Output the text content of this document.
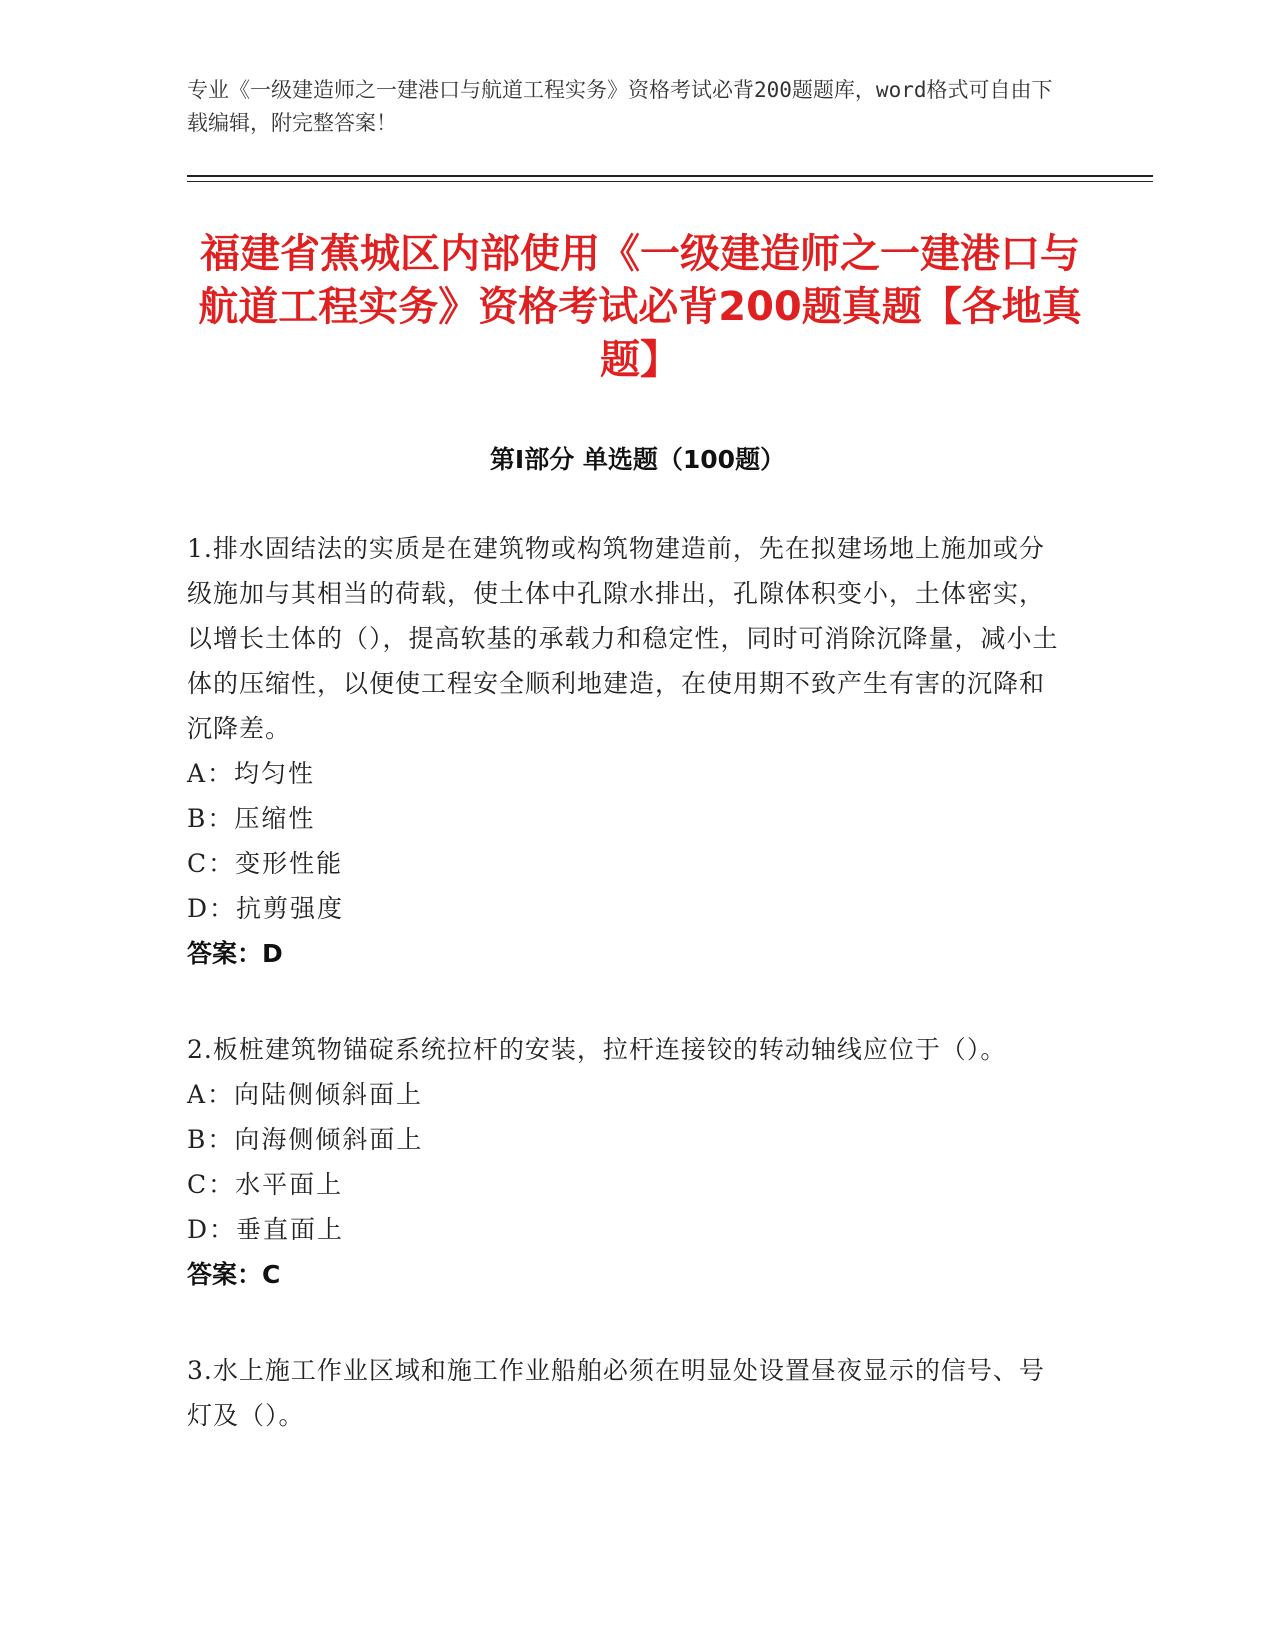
专业《一级建造师之一建港口与航道工程实务》资格考试必背200题题库，word格式可自由下载编辑，附完整答案！
福建省蕉城区内部使用《一级建造师之一建港口与航道工程实务》资格考试必背200题真题【各地真题】
第Ⅰ部分 单选题（100题）
1.排水固结法的实质是在建筑物或构筑物建造前，先在拟建场地上施加或分级施加与其相当的荷载，使土体中孔隙水排出，孔隙体积变小，土体密实，以增长土体的（），提高软基的承载力和稳定性，同时可消除沉降量，减小土体的压缩性，以便使工程安全顺利地建造，在使用期不致产生有害的沉降和沉降差。
A：均匀性
B：压缩性
C：变形性能
D：抗剪强度
答案：D
2.板桩建筑物锚碇系统拉杆的安装，拉杆连接铰的转动轴线应位于（）。
A：向陆侧倾斜面上
B：向海侧倾斜面上
C：水平面上
D：垂直面上
答案：C
3.水上施工作业区域和施工作业船舶必须在明显处设置昼夜显示的信号、号灯及（）。
